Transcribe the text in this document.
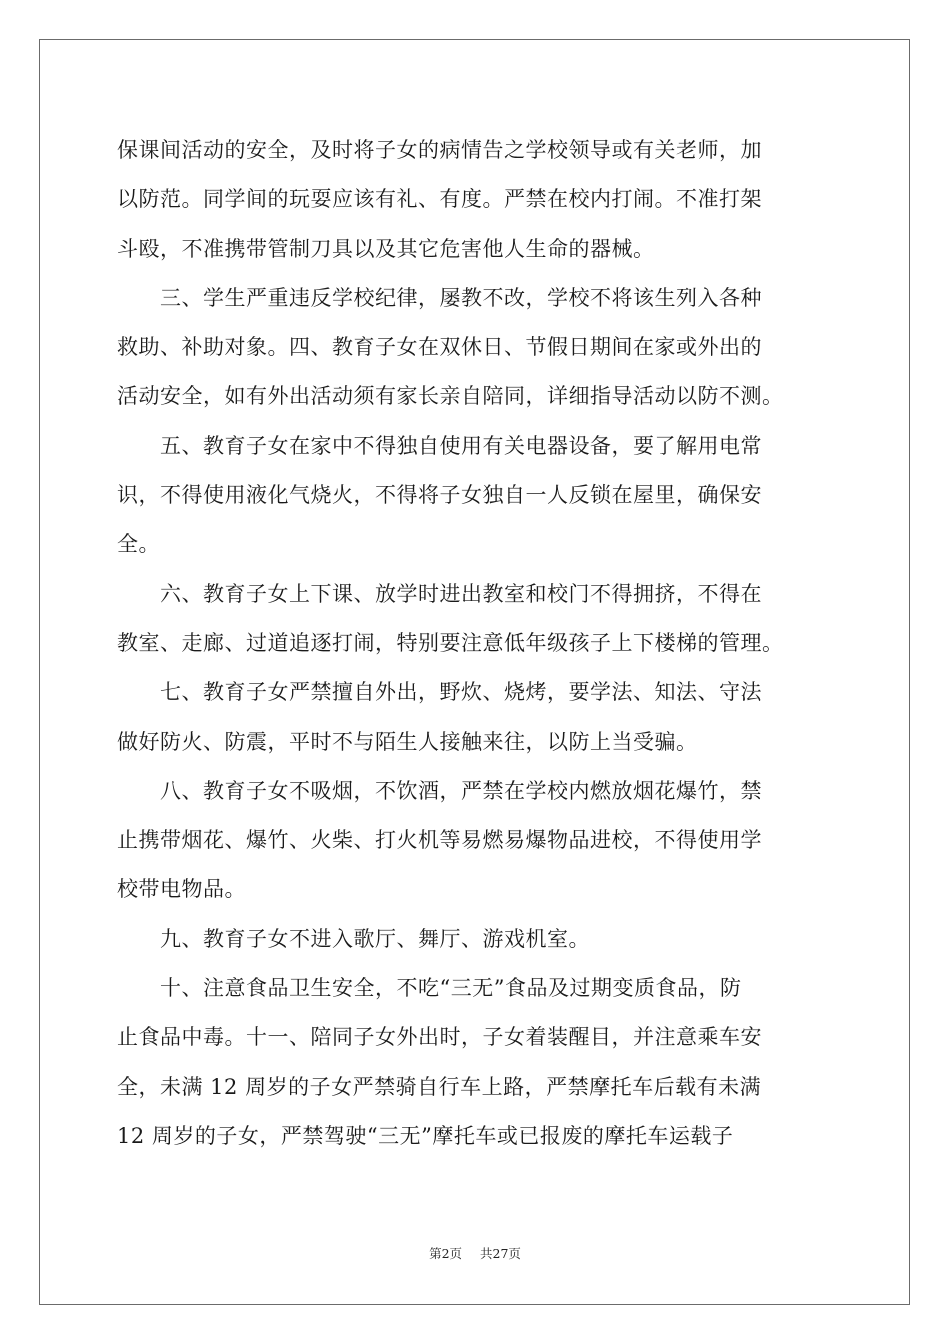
保课间活动的安全，及时将子女的病情告之学校领导或有关老师，加
以防范。同学间的玩耍应该有礼、有度。严禁在校内打闹。不准打架
斗殴，不准携带管制刀具以及其它危害他人生命的器械。
　　三、学生严重违反学校纪律，屡教不改，学校不将该生列入各种
救助、补助对象。四、教育子女在双休日、节假日期间在家或外出的
活动安全，如有外出活动须有家长亲自陪同，详细指导活动以防不测。
　　五、教育子女在家中不得独自使用有关电器设备，要了解用电常
识，不得使用液化气烧火，不得将子女独自一人反锁在屋里，确保安
全。
　　六、教育子女上下课、放学时进出教室和校门不得拥挤，不得在
教室、走廊、过道追逐打闹，特别要注意低年级孩子上下楼梯的管理。
　　七、教育子女严禁擅自外出，野炊、烧烤，要学法、知法、守法
做好防火、防震，平时不与陌生人接触来往，以防上当受骗。
　　八、教育子女不吸烟，不饮酒，严禁在学校内燃放烟花爆竹，禁
止携带烟花、爆竹、火柴、打火机等易燃易爆物品进校，不得使用学
校带电物品。
　　九、教育子女不进入歌厅、舞厅、游戏机室。
　　十、注意食品卫生安全，不吃“三无”食品及过期变质食品，防
止食品中毒。十一、陪同子女外出时，子女着装醒目，并注意乘车安
全，未满 12 周岁的子女严禁骑自行车上路，严禁摩托车后载有未满
12 周岁的子女，严禁驾驶“三无”摩托车或已报废的摩托车运载子
第2页 共27页
